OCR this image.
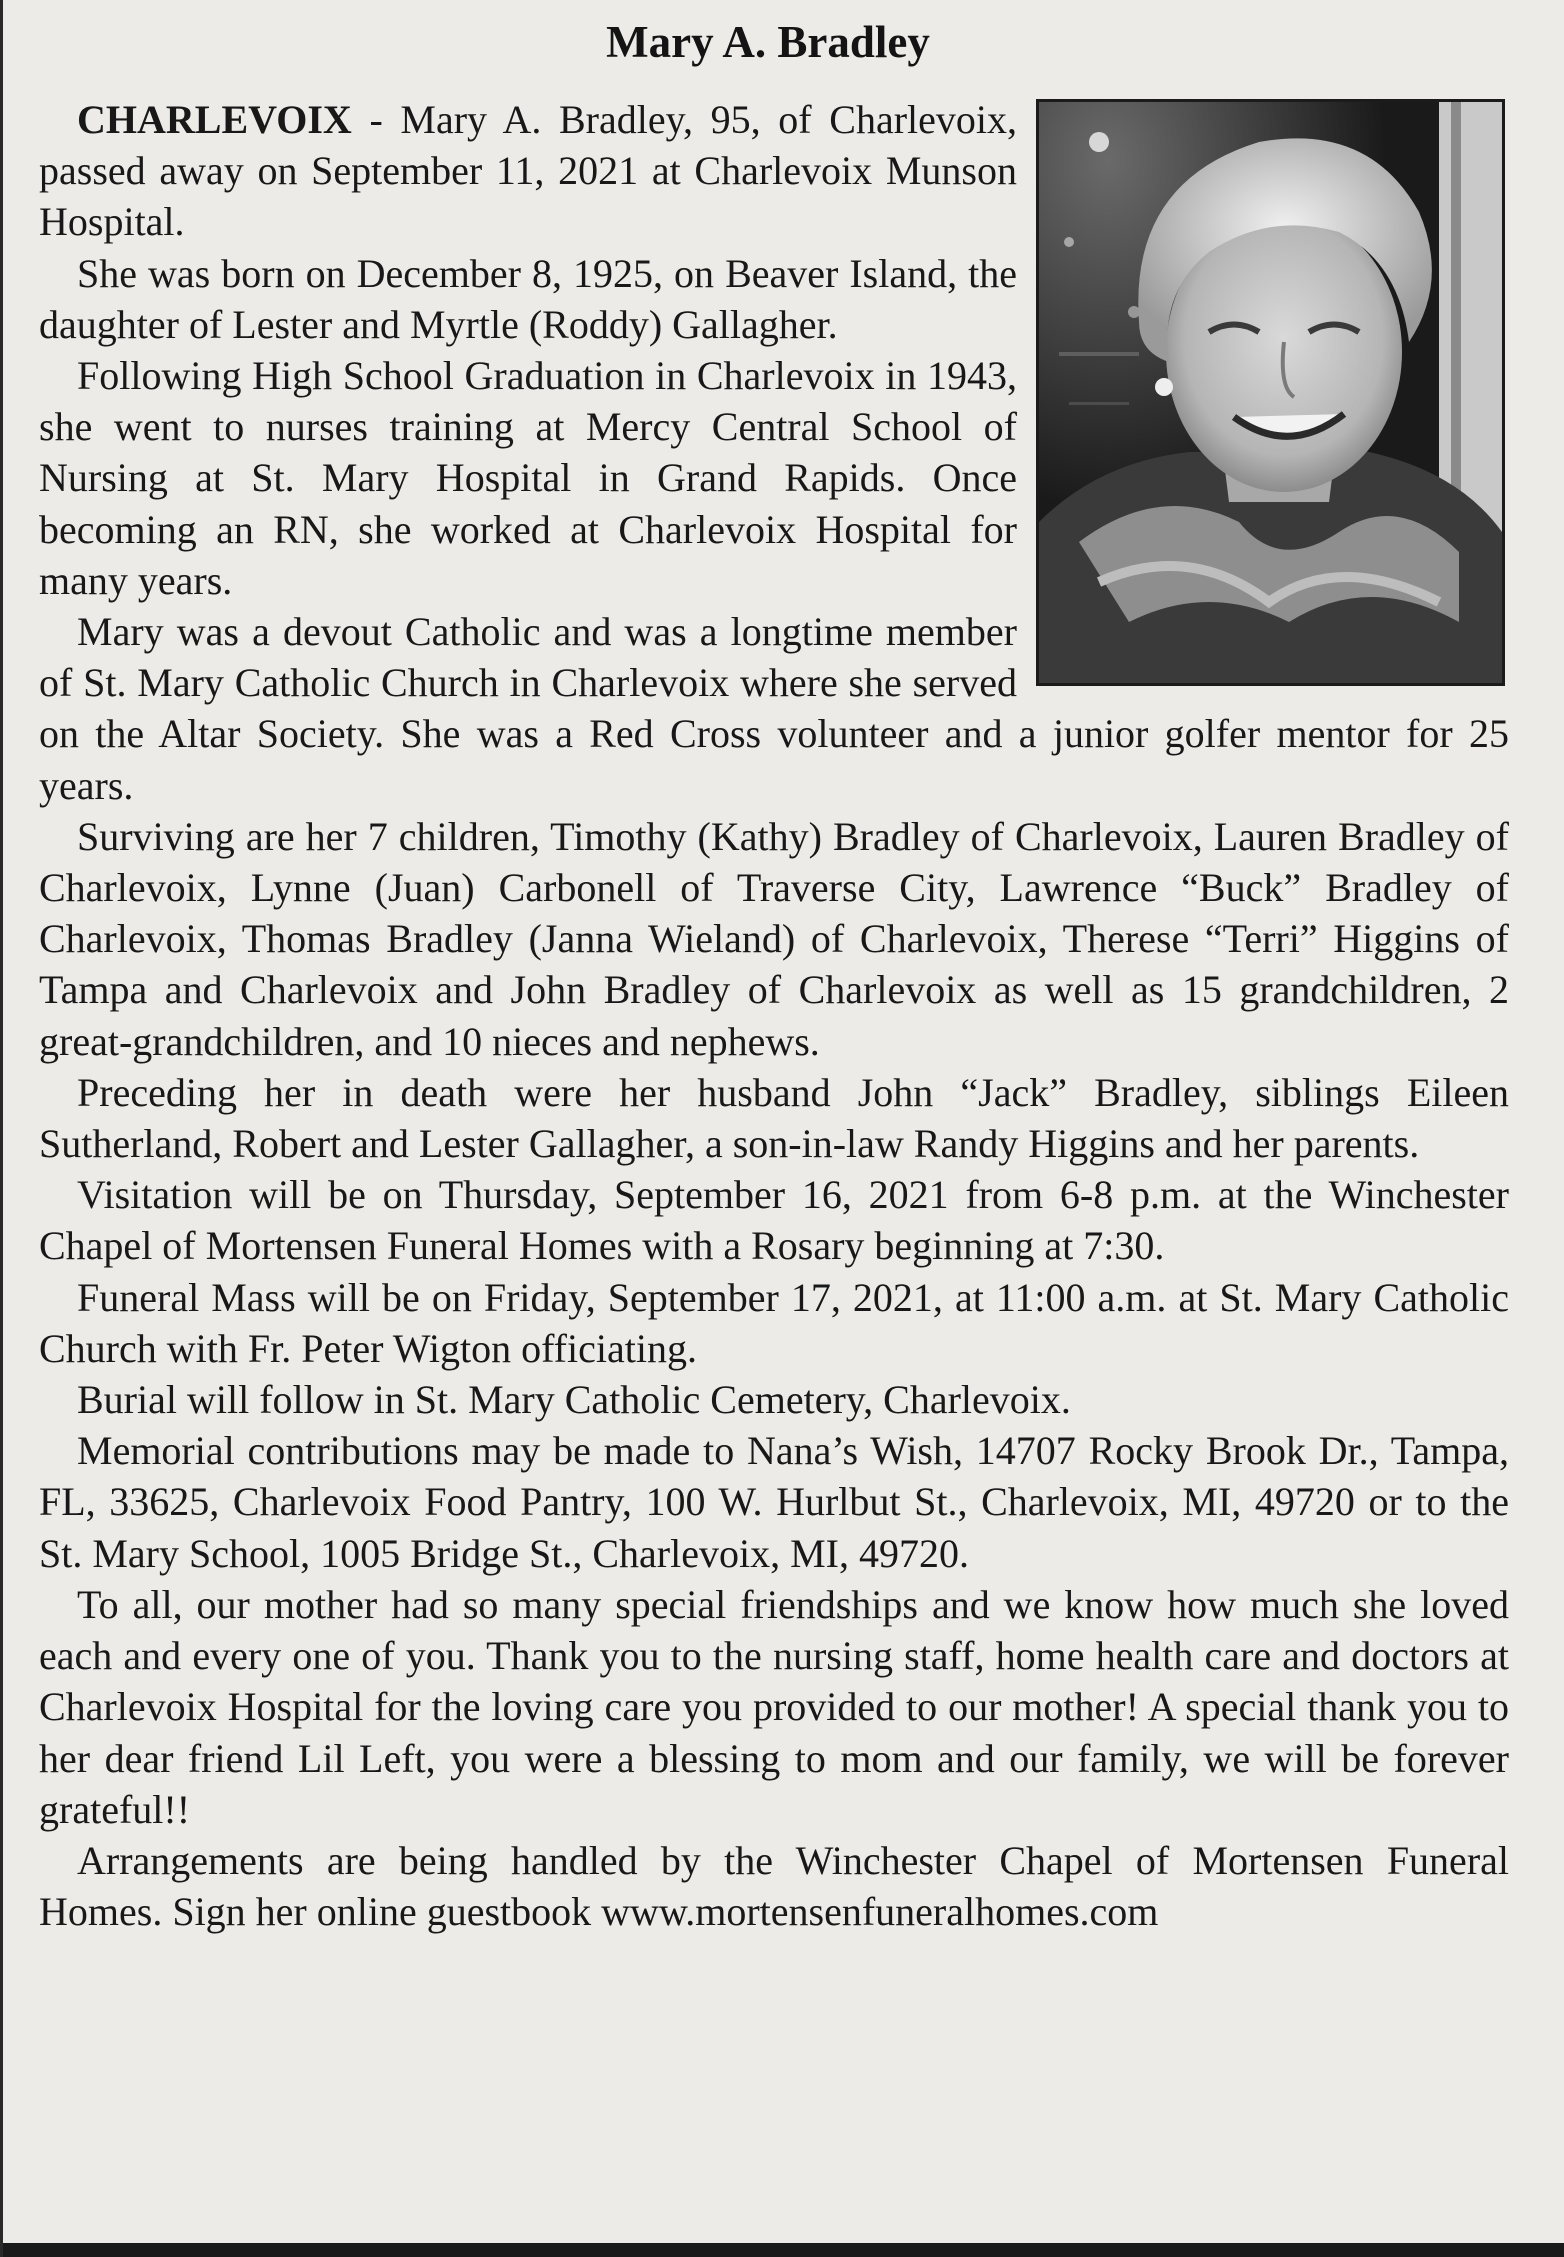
Mary A. Bradley

CHARLEVOIX - Mary A. Bradley, 95, of Charlevoix, passed away on September 11, 2021 at Charlevoix Munson Hospital.

She was born on December 8, 1925, on Beaver Island, the daughter of Lester and Myrtle (Roddy) Gallagher.

Following High School Graduation in Charlevoix in 1943, she went to nurses training at Mercy Central School of Nursing at St. Mary Hospital in Grand Rapids. Once becoming an RN, she worked at Charlevoix Hospital for many years.

Mary was a devout Catholic and was a longtime member of St. Mary Catholic Church in Charlevoix where she served on the Altar Society. She was a Red Cross volunteer and a junior golfer mentor for 25 years.

Surviving are her 7 children, Timothy (Kathy) Bradley of Charlevoix, Lauren Bradley of Charlevoix, Lynne (Juan) Carbonell of Traverse City, Lawrence “Buck” Bradley of Charlevoix, Thomas Bradley (Janna Wieland) of Charlevoix, Therese “Terri” Higgins of Tampa and Charlevoix and John Bradley of Charlevoix as well as 15 grandchildren, 2 great-grandchildren, and 10 nieces and nephews.

Preceding her in death were her husband John “Jack” Bradley, siblings Eileen Sutherland, Robert and Lester Gallagher, a son-in-law Randy Higgins and her parents.

Visitation will be on Thursday, September 16, 2021 from 6-8 p.m. at the Winchester Chapel of Mortensen Funeral Homes with a Rosary beginning at 7:30.

Funeral Mass will be on Friday, September 17, 2021, at 11:00 a.m. at St. Mary Catholic Church with Fr. Peter Wigton officiating.

Burial will follow in St. Mary Catholic Cemetery, Charlevoix.

Memorial contributions may be made to Nana’s Wish, 14707 Rocky Brook Dr., Tampa, FL, 33625, Charlevoix Food Pantry, 100 W. Hurlbut St., Charlevoix, MI, 49720 or to the St. Mary School, 1005 Bridge St., Charlevoix, MI, 49720.

To all, our mother had so many special friendships and we know how much she loved each and every one of you. Thank you to the nursing staff, home health care and doctors at Charlevoix Hospital for the loving care you provided to our mother! A special thank you to her dear friend Lil Left, you were a blessing to mom and our family, we will be forever grateful!!

Arrangements are being handled by the Winchester Chapel of Mortensen Funeral Homes. Sign her online guestbook www.mortensenfuneralhomes.com
